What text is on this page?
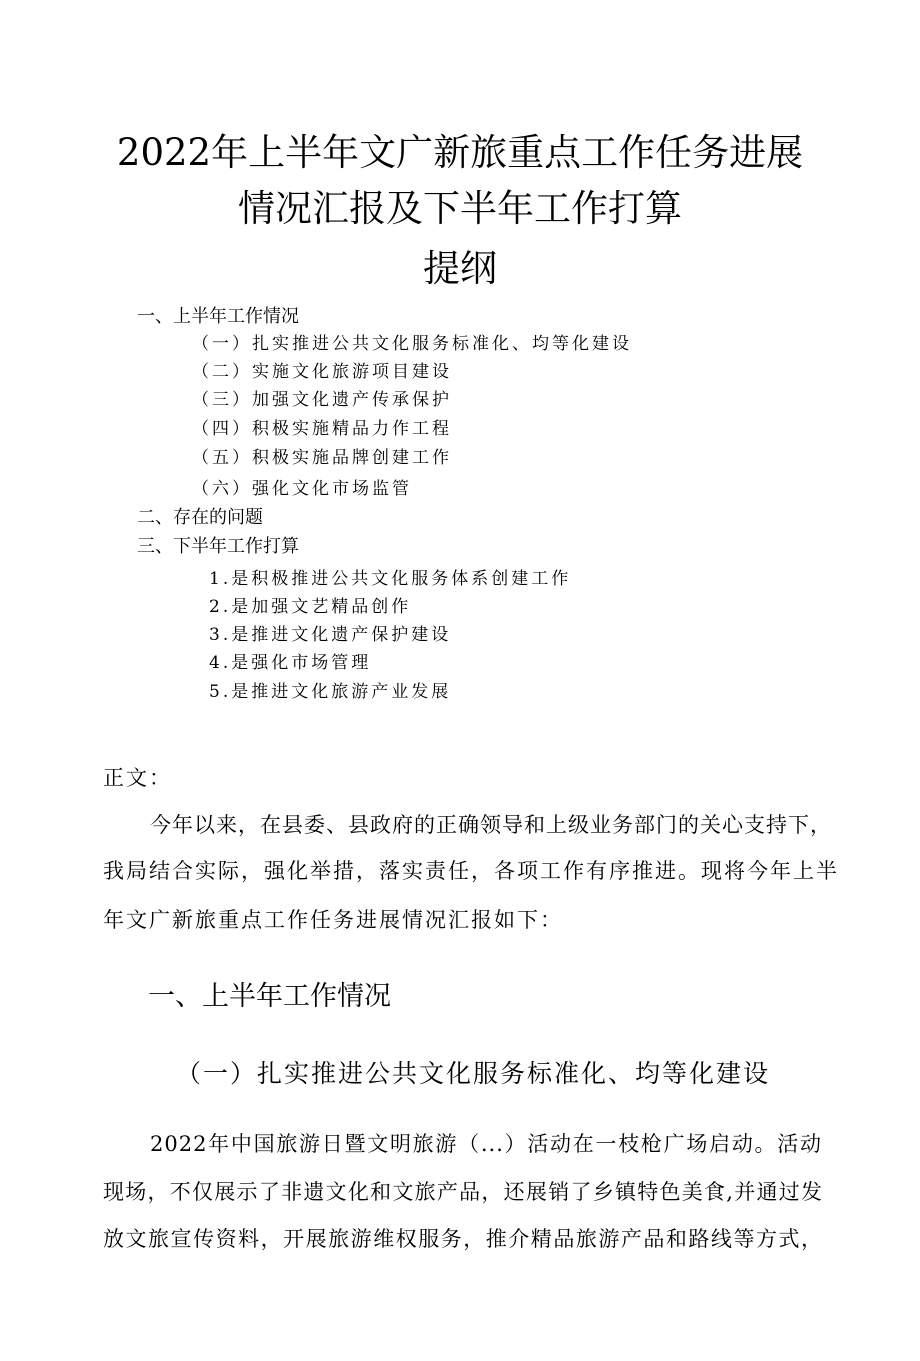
2022年上半年文广新旅重点工作任务进展
情况汇报及下半年工作打算
提纲
一、上半年工作情况
（一）扎实推进公共文化服务标准化、均等化建设
（二）实施文化旅游项目建设
（三）加强文化遗产传承保护
（四）积极实施精品力作工程
（五）积极实施品牌创建工作
（六）强化文化市场监管
二、存在的问题
三、下半年工作打算
1.是积极推进公共文化服务体系创建工作
2.是加强文艺精品创作
3.是推进文化遗产保护建设
4.是强化市场管理
5.是推进文化旅游产业发展
正文：
今年以来，在县委、县政府的正确领导和上级业务部门的关心支持下，
我局结合实际，强化举措，落实责任，各项工作有序推进。现将今年上半
年文广新旅重点工作任务进展情况汇报如下：
一、上半年工作情况
（一）扎实推进公共文化服务标准化、均等化建设
2022年中国旅游日暨文明旅游（...）活动在一枝枪广场启动。活动
现场，不仅展示了非遗文化和文旅产品，还展销了乡镇特色美食,并通过发
放文旅宣传资料，开展旅游维权服务，推介精品旅游产品和路线等方式，
